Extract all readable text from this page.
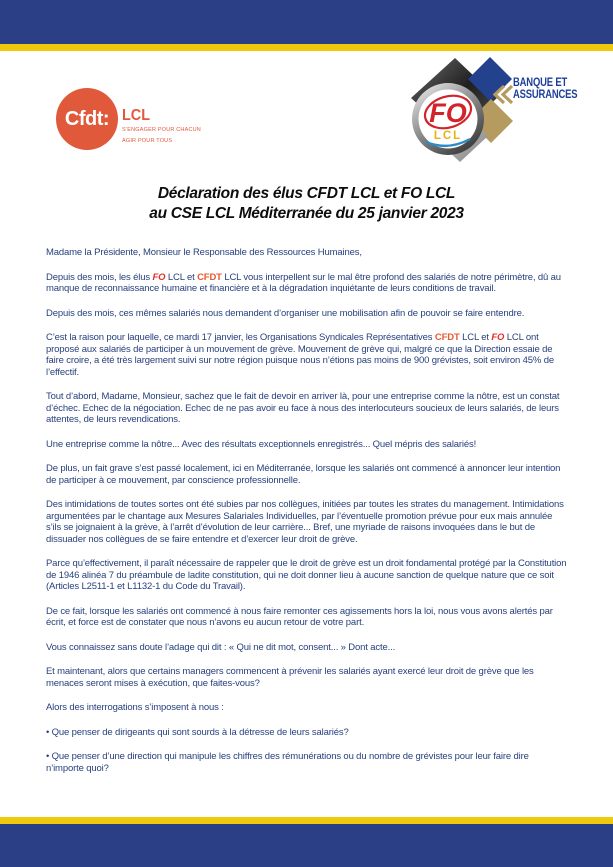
Cfdt: LCL
S’ENGAGER POUR CHACUN
AGIR POUR TOUS
FO
LCL
BANQUE ET
ASSURANCES
Déclaration des élus CFDT LCL et FO LCL
au CSE LCL Méditerranée du 25 janvier 2023

Madame la Présidente, Monsieur le Responsable des Ressources Humaines,

Depuis des mois, les élus FO LCL et CFDT LCL vous interpellent sur le mal être profond des salariés de notre périmètre, dû au manque de reconnaissance humaine et financière et à la dégradation inquiétante de leurs conditions de travail.

Depuis des mois, ces mêmes salariés nous demandent d’organiser une mobilisation afin de pouvoir se faire entendre.

C’est la raison pour laquelle, ce mardi 17 janvier, les Organisations Syndicales Représentatives CFDT LCL et FO LCL ont proposé aux salariés de participer à un mouvement de grève. Mouvement de grève qui, malgré ce que la Direction essaie de faire croire, a été très largement suivi sur notre région puisque nous n’étions pas moins de 900 grévistes, soit environ 45% de l’effectif.

Tout d’abord, Madame, Monsieur, sachez que le fait de devoir en arriver là, pour une entreprise comme la nôtre, est un constat d’échec. Echec de la négociation. Echec de ne pas avoir eu face à nous des interlocuteurs soucieux de leurs salariés, de leurs attentes, de leurs revendications.

Une entreprise comme la nôtre... Avec des résultats exceptionnels enregistrés... Quel mépris des salariés!

De plus, un fait grave s’est passé localement, ici en Méditerranée, lorsque les salariés ont commencé à annoncer leur intention de participer à ce mouvement, par conscience professionnelle.

Des intimidations de toutes sortes ont été subies par nos collègues, initiées par toutes les strates du management. Intimidations argumentées par le chantage aux Mesures Salariales Individuelles, par l’éventuelle promotion prévue pour eux mais annulée s’ils se joignaient à la grève, à l’arrêt d’évolution de leur carrière... Bref, une myriade de raisons invoquées dans le but de dissuader nos collègues de se faire entendre et d’exercer leur droit de grève.

Parce qu’effectivement, il paraît nécessaire de rappeler que le droit de grève est un droit fondamental protégé par la Constitution de 1946 alinéa 7 du préambule de ladite constitution, qui ne doit donner lieu à aucune sanction de quelque nature que ce soit (Articles L2511-1 et L1132-1 du Code du Travail).

De ce fait, lorsque les salariés ont commencé à nous faire remonter ces agissements hors la loi, nous vous avons alertés par écrit, et force est de constater que nous n’avons eu aucun retour de votre part.

Vous connaissez sans doute l’adage qui dit : « Qui ne dit mot, consent... » Dont acte...

Et maintenant, alors que certains managers commencent à prévenir les salariés ayant exercé leur droit de grève que les menaces seront mises à exécution, que faites-vous?

Alors des interrogations s’imposent à nous :

• Que penser de dirigeants qui sont sourds à la détresse de leurs salariés?

• Que penser d’une direction qui manipule les chiffres des rémunérations ou du nombre de grévistes pour leur faire dire n’importe quoi?
